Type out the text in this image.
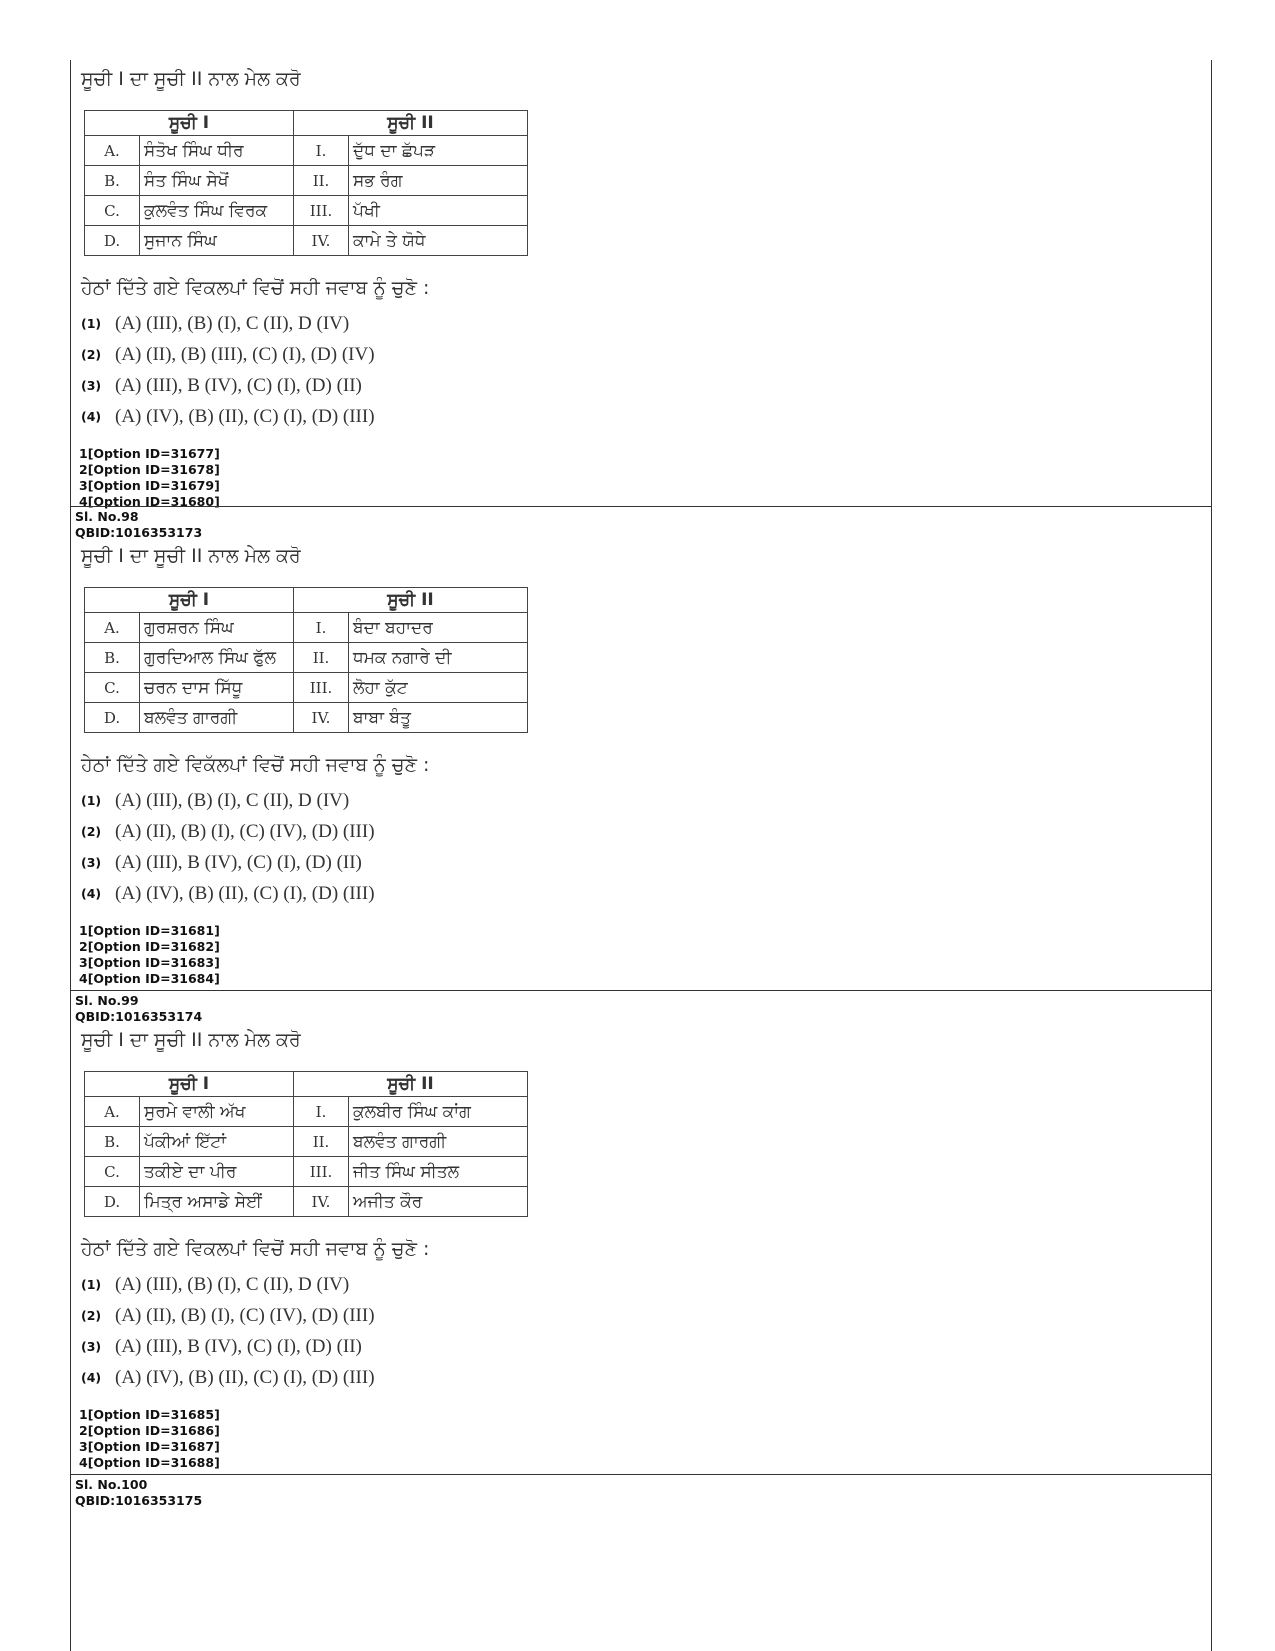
ਸੂਚੀ I ਦਾ ਸੂਚੀ II ਨਾਲ ਮੇਲ ਕਰੋ
ਸੂਚੀ I		ਸੂਚੀ II	
A.	ਸੰਤੋਖ ਸਿੰਘ ਧੀਰ	I.	ਦੁੱਧ ਦਾ ਛੱਪੜ
B.	ਸੰਤ ਸਿੰਘ ਸੇਖੋਂ	II.	ਸਭ ਰੰਗ
C.	ਕੁਲਵੰਤ ਸਿੰਘ ਵਿਰਕ	III.	ਪੱਖੀ
D.	ਸੁਜਾਨ ਸਿੰਘ	IV.	ਕਾਮੇ ਤੇ ਯੋਧੇ
ਹੇਠਾਂ ਦਿੱਤੇ ਗਏ ਵਿਕਲਪਾਂ ਵਿਚੋਂ ਸਹੀ ਜਵਾਬ ਨੂੰ ਚੁਣੋ :
(1) (A) (III), (B) (I), C (II), D (IV)
(2) (A) (II), (B) (III), (C) (I), (D) (IV)
(3) (A) (III), B (IV), (C) (I), (D) (II)
(4) (A) (IV), (B) (II), (C) (I), (D) (III)
1[Option ID=31677]
2[Option ID=31678]
3[Option ID=31679]
4[Option ID=31680]
Sl. No.98
QBID:1016353173
ਸੂਚੀ I ਦਾ ਸੂਚੀ II ਨਾਲ ਮੇਲ ਕਰੋ
ਸੂਚੀ I		ਸੂਚੀ II	
A.	ਗੁਰਸ਼ਰਨ ਸਿੰਘ	I.	ਬੰਦਾ ਬਹਾਦਰ
B.	ਗੁਰਦਿਆਲ ਸਿੰਘ ਫੁੱਲ	II.	ਧਮਕ ਨਗਾਰੇ ਦੀ
C.	ਚਰਨ ਦਾਸ ਸਿੱਧੂ	III.	ਲੋਹਾ ਕੁੱਟ
D.	ਬਲਵੰਤ ਗਾਰਗੀ	IV.	ਬਾਬਾ ਬੰਤੂ
ਹੇਠਾਂ ਦਿੱਤੇ ਗਏ ਵਿਕੱਲਪਾਂ ਵਿਚੋਂ ਸਹੀ ਜਵਾਬ ਨੂੰ ਚੁਣੋ :
(1) (A) (III), (B) (I), C (II), D (IV)
(2) (A) (II), (B) (I), (C) (IV), (D) (III)
(3) (A) (III), B (IV), (C) (I), (D) (II)
(4) (A) (IV), (B) (II), (C) (I), (D) (III)
1[Option ID=31681]
2[Option ID=31682]
3[Option ID=31683]
4[Option ID=31684]
Sl. No.99
QBID:1016353174
ਸੂਚੀ I ਦਾ ਸੂਚੀ II ਨਾਲ ਮੇਲ ਕਰੋ
ਸੂਚੀ I		ਸੂਚੀ II	
A.	ਸੁਰਮੇ ਵਾਲੀ ਅੱਖ	I.	ਕੁਲਬੀਰ ਸਿੰਘ ਕਾਂਗ
B.	ਪੱਕੀਆਂ ਇੱਟਾਂ	II.	ਬਲਵੰਤ ਗਾਰਗੀ
C.	ਤਕੀਏ ਦਾ ਪੀਰ	III.	ਜੀਤ ਸਿੰਘ ਸੀਤਲ
D.	ਮਿਤ੍ਰ ਅਸਾਡੇ ਸੇਈਂ	IV.	ਅਜੀਤ ਕੌਰ
ਹੇਠਾਂ ਦਿੱਤੇ ਗਏ ਵਿਕਲਪਾਂ ਵਿਚੋਂ ਸਹੀ ਜਵਾਬ ਨੂੰ ਚੁਣੋ :
(1) (A) (III), (B) (I), C (II), D (IV)
(2) (A) (II), (B) (I), (C) (IV), (D) (III)
(3) (A) (III), B (IV), (C) (I), (D) (II)
(4) (A) (IV), (B) (II), (C) (I), (D) (III)
1[Option ID=31685]
2[Option ID=31686]
3[Option ID=31687]
4[Option ID=31688]
Sl. No.100
QBID:1016353175
